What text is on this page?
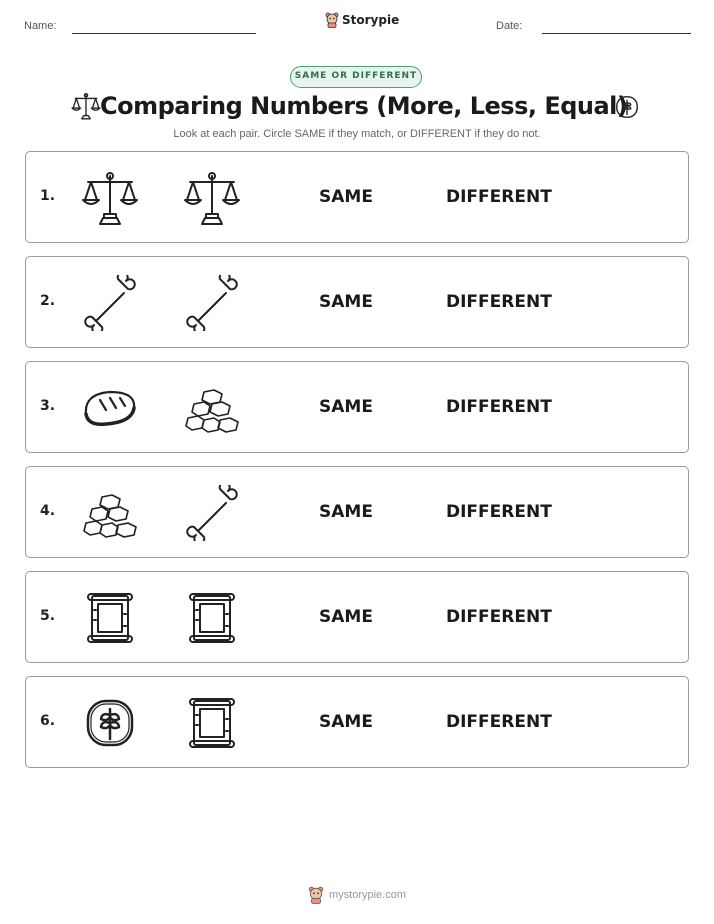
Name:	Storypie	Date:
SAME OR DIFFERENT
Comparing Numbers (More, Less, Equal)
Look at each pair. Circle SAME if they match, or DIFFERENT if they do not.
1.	SAME	DIFFERENT
2.	SAME	DIFFERENT
3.	SAME	DIFFERENT
4.	SAME	DIFFERENT
5.	SAME	DIFFERENT
6.	SAME	DIFFERENT
mystorypie.com
